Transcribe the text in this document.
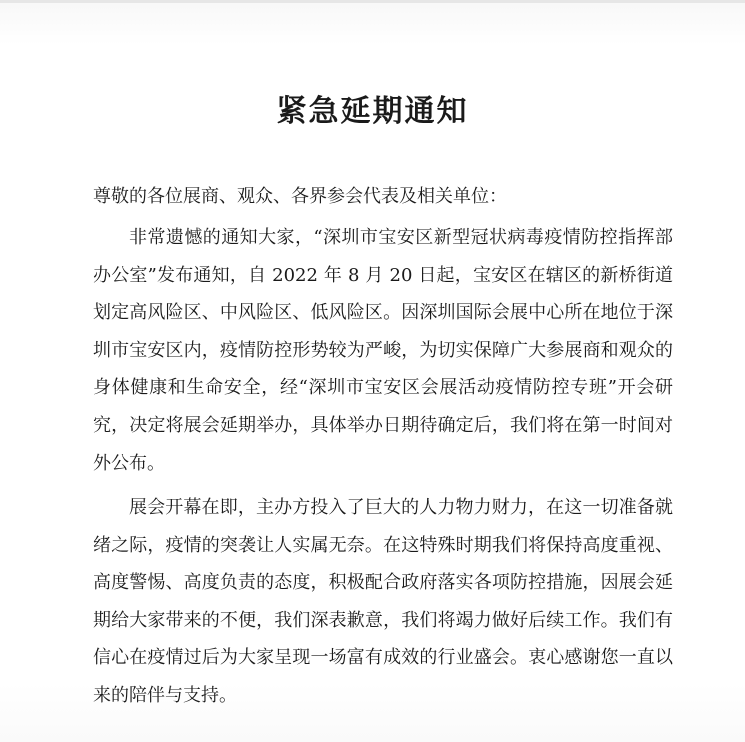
紧急延期通知
尊敬的各位展商、观众、各界参会代表及相关单位：

非常遗憾的通知大家，“深圳市宝安区新型冠状病毒疫情防控指挥部办公室”发布通知，自 2022 年 8 月 20 日起，宝安区在辖区的新桥街道划定高风险区、中风险区、低风险区。因深圳国际会展中心所在地位于深圳市宝安区内，疫情防控形势较为严峻，为切实保障广大参展商和观众的身体健康和生命安全，经“深圳市宝安区会展活动疫情防控专班”开会研究，决定将展会延期举办，具体举办日期待确定后，我们将在第一时间对外公布。

展会开幕在即，主办方投入了巨大的人力物力财力，在这一切准备就绪之际，疫情的突袭让人实属无奈。在这特殊时期我们将保持高度重视、高度警惕、高度负责的态度，积极配合政府落实各项防控措施，因展会延期给大家带来的不便，我们深表歉意，我们将竭力做好后续工作。我们有信心在疫情过后为大家呈现一场富有成效的行业盛会。衷心感谢您一直以来的陪伴与支持。
